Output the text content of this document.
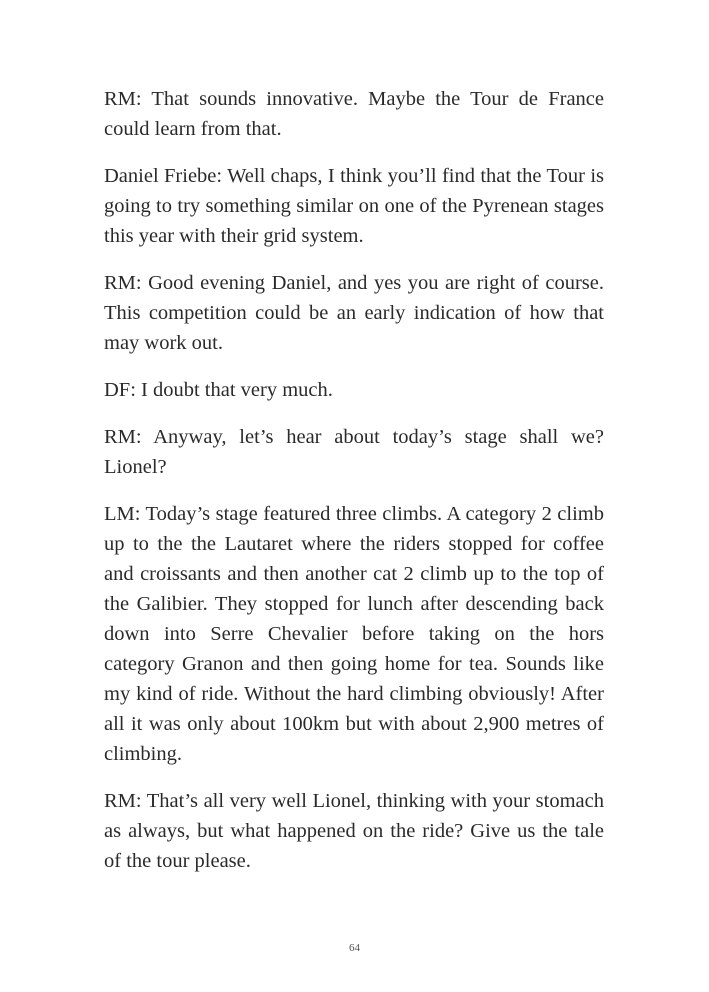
RM: That sounds innovative. Maybe the Tour de France could learn from that.

Daniel Friebe: Well chaps, I think you’ll find that the Tour is going to try something similar on one of the Pyrenean stages this year with their grid system.

RM: Good evening Daniel, and yes you are right of course. This competition could be an early indication of how that may work out.

DF: I doubt that very much.

RM: Anyway, let’s hear about today’s stage shall we? Lionel?

LM: Today’s stage featured three climbs. A category 2 climb up to the the Lautaret where the riders stopped for coffee and croissants and then another cat 2 climb up to the top of the Galibier. They stopped for lunch after descending back down into Serre Chevalier before taking on the hors category Granon and then going home for tea. Sounds like my kind of ride. Without the hard climbing obviously! After all it was only about 100km but with about 2,900 metres of climbing.

RM: That’s all very well Lionel, thinking with your stomach as always, but what happened on the ride? Give us the tale of the tour please.

64
